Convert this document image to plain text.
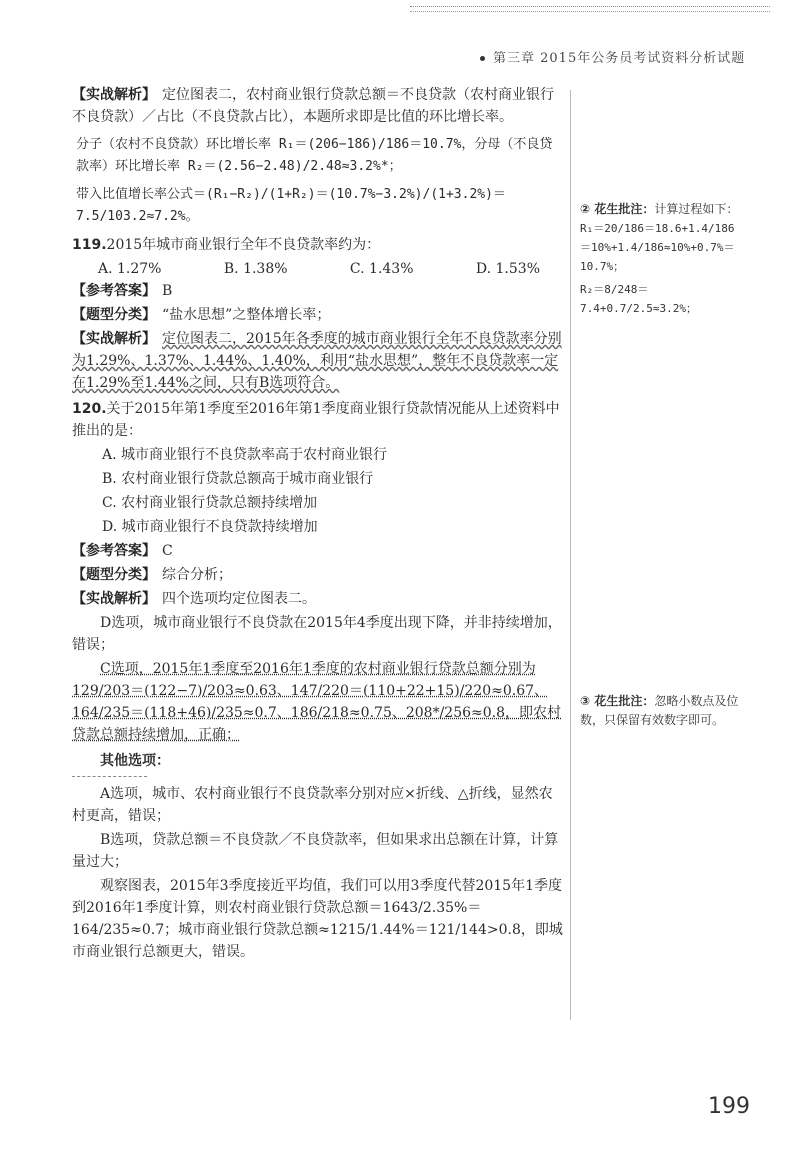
第三章 2015年公务员考试资料分析试题

【实战解析】 定位图表二，农村商业银行贷款总额＝不良贷款（农村商业银行不良贷款）／占比（不良贷款占比），本题所求即是比值的环比增长率。

分子（农村不良贷款）环比增长率 R₁＝(206−186)/186＝10.7%，分母（不良贷款率）环比增长率 R₂＝(2.56−2.48)/2.48≈3.2%*；

带入比值增长率公式＝(R₁−R₂)/(1+R₂)＝(10.7%−3.2%)/(1+3.2%)＝7.5/103.2≈7.2%。

119.2015年城市商业银行全年不良贷款率约为：

A. 1.27%	B. 1.38%	C. 1.43%	D. 1.53%

【参考答案】 B

【题型分类】 “盐水思想”之整体增长率；

【实战解析】 定位图表二，2015年各季度的城市商业银行全年不良贷款率分别为1.29%、1.37%、1.44%、1.40%，利用“盐水思想”，整年不良贷款率一定在1.29%至1.44%之间，只有B选项符合。

120.关于2015年第1季度至2016年第1季度商业银行贷款情况能从上述资料中推出的是：

A. 城市商业银行不良贷款率高于农村商业银行

B. 农村商业银行贷款总额高于城市商业银行

C. 农村商业银行贷款总额持续增加

D. 城市商业银行不良贷款持续增加

【参考答案】 C

【题型分类】 综合分析；

【实战解析】 四个选项均定位图表二。

D选项，城市商业银行不良贷款在2015年4季度出现下降，并非持续增加，错误；

C选项，2015年1季度至2016年1季度的农村商业银行贷款总额分别为 129/203＝(122−7)/203≈0.63、147/220＝(110+22+15)/220≈0.67、164/235＝(118+46)/235≈0.7、186/218≈0.75、208*/256≈0.8，即农村贷款总额持续增加，正确；

其他选项：

A选项，城市、农村商业银行不良贷款率分别对应×折线、△折线，显然农村更高，错误；

B选项，贷款总额＝不良贷款／不良贷款率，但如果求出总额在计算，计算量过大；

观察图表，2015年3季度接近平均值，我们可以用3季度代替2015年1季度到2016年1季度计算，则农村商业银行贷款总额＝1643/2.35%＝164/235≈0.7；城市商业银行贷款总额≈1215/1.44%＝121/144>0.8，即城市商业银行总额更大，错误。

② 花生批注：计算过程如下：
R₁＝20/186＝18.6+1.4/186＝10%+1.4/186≈10%+0.7%＝10.7%；
R₂＝8/248＝7.4+0.7/2.5≈3.2%；
③ 花生批注：忽略小数点及位数，只保留有效数字即可。
199
